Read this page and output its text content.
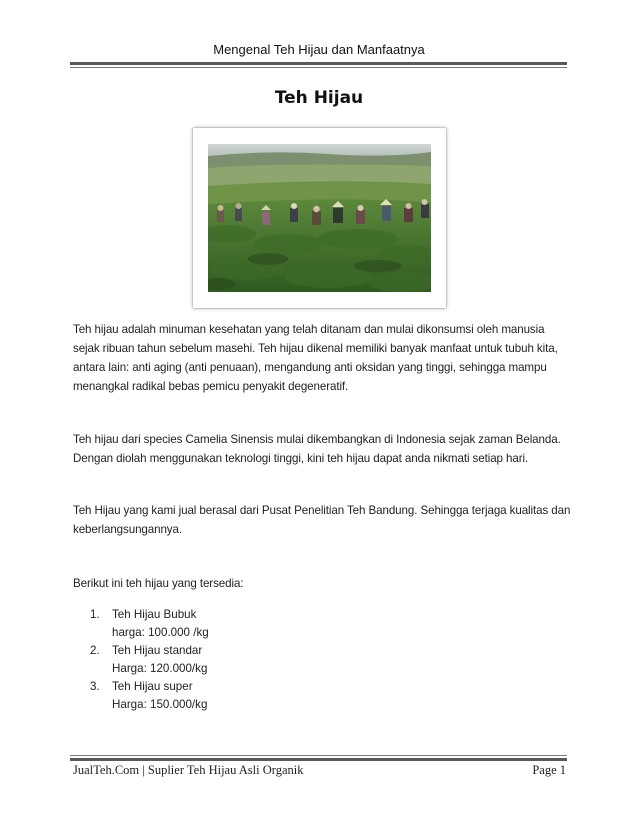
Mengenal Teh Hijau dan Manfaatnya
Teh Hijau

Teh hijau adalah minuman kesehatan yang telah ditanam dan mulai dikonsumsi oleh manusia sejak ribuan tahun sebelum masehi. Teh hijau dikenal memiliki banyak manfaat untuk tubuh kita, antara lain: anti aging (anti penuaan), mengandung anti oksidan yang tinggi, sehingga mampu menangkal radikal bebas pemicu penyakit degeneratif.

Teh hijau dari species Camelia Sinensis mulai dikembangkan di Indonesia sejak zaman Belanda. Dengan diolah menggunakan teknologi tinggi, kini teh hijau dapat anda nikmati setiap hari.

Teh Hijau yang kami jual berasal dari Pusat Penelitian Teh Bandung. Sehingga terjaga kualitas dan keberlangsungannya.

Berikut ini teh hijau yang tersedia:

1. Teh Hijau Bubuk
harga: 100.000 /kg
2. Teh Hijau standar
Harga: 120.000/kg
3. Teh Hijau super
Harga: 150.000/kg
JualTeh.Com | Suplier Teh Hijau Asli Organik	Page 1
